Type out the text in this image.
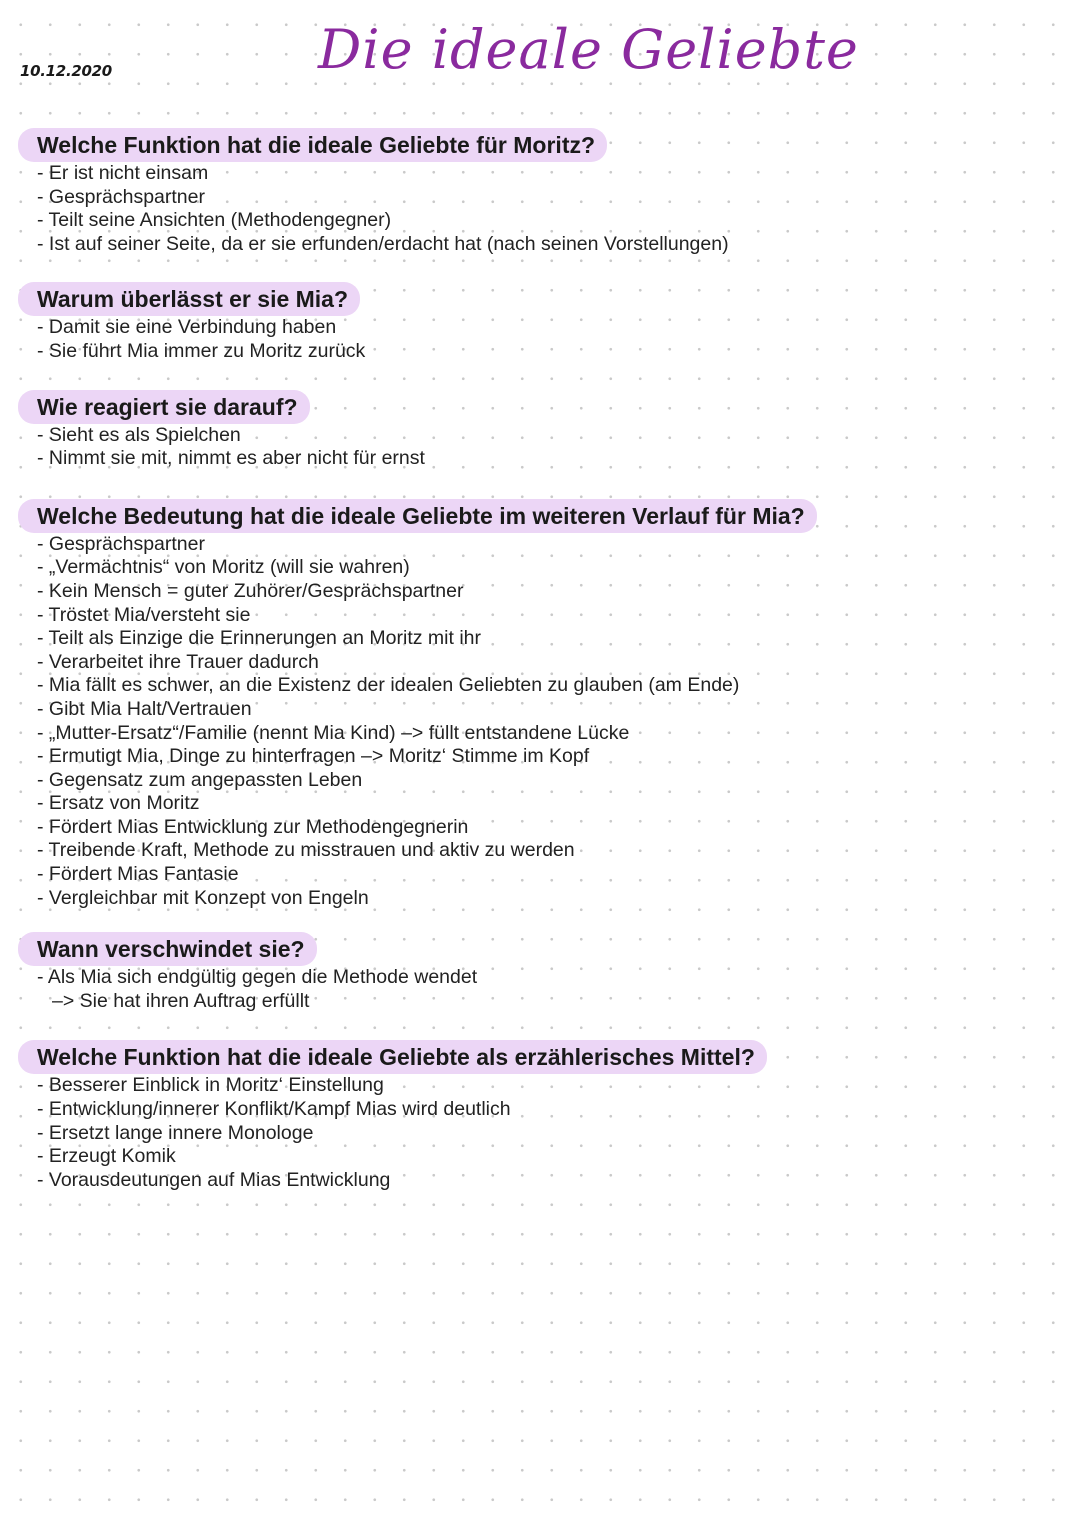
10.12.2020	Die ideale Geliebte
Welche Funktion hat die ideale Geliebte für Moritz?
- Er ist nicht einsam
- Gesprächspartner
- Teilt seine Ansichten (Methodengegner)
- Ist auf seiner Seite, da er sie erfunden/erdacht hat (nach seinen Vorstellungen)
Warum überlässt er sie Mia?
- Damit sie eine Verbindung haben
- Sie führt Mia immer zu Moritz zurück
Wie reagiert sie darauf?
- Sieht es als Spielchen
- Nimmt sie mit, nimmt es aber nicht für ernst
Welche Bedeutung hat die ideale Geliebte im weiteren Verlauf für Mia?
- Gesprächspartner
- „Vermächtnis“ von Moritz (will sie wahren)
- Kein Mensch = guter Zuhörer/Gesprächspartner
- Tröstet Mia/versteht sie
- Teilt als Einzige die Erinnerungen an Moritz mit ihr
- Verarbeitet ihre Trauer dadurch
- Mia fällt es schwer, an die Existenz der idealen Geliebten zu glauben (am Ende)
- Gibt Mia Halt/Vertrauen
- „Mutter-Ersatz“/Familie (nennt Mia Kind) –> füllt entstandene Lücke
- Ermutigt Mia, Dinge zu hinterfragen –> Moritz‘ Stimme im Kopf
- Gegensatz zum angepassten Leben
- Ersatz von Moritz
- Fördert Mias Entwicklung zur Methodengegnerin
- Treibende Kraft, Methode zu misstrauen und aktiv zu werden
- Fördert Mias Fantasie
- Vergleichbar mit Konzept von Engeln
Wann verschwindet sie?
- Als Mia sich endgültig gegen die Methode wendet
–> Sie hat ihren Auftrag erfüllt
Welche Funktion hat die ideale Geliebte als erzählerisches Mittel?
- Besserer Einblick in Moritz‘ Einstellung
- Entwicklung/innerer Konflikt/Kampf Mias wird deutlich
- Ersetzt lange innere Monologe
- Erzeugt Komik
- Vorausdeutungen auf Mias Entwicklung
